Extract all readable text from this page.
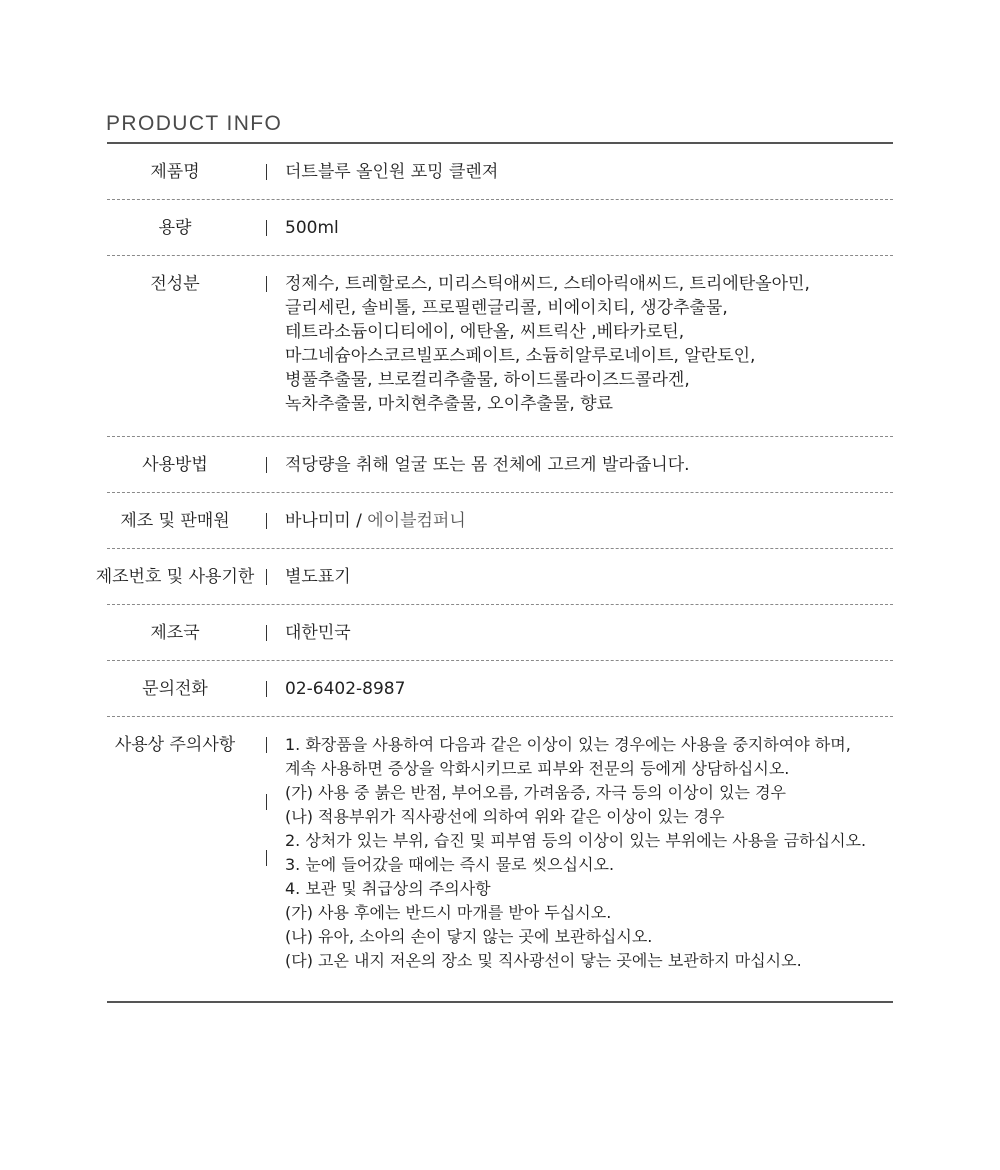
PRODUCT INFO
제품명	더트블루 올인원 포밍 클렌져
용량	500ml
전성분	정제수, 트레할로스, 미리스틱애씨드, 스테아릭애씨드, 트리에탄올아민,
글리세린, 솔비톨, 프로필렌글리콜, 비에이치티, 생강추출물,
테트라소듐이디티에이, 에탄올, 씨트릭산 ,베타카로틴,
마그네슘아스코르빌포스페이트, 소듐히알루로네이트, 알란토인,
병풀추출물, 브로컬리추출물, 하이드롤라이즈드콜라겐,
녹차추출물, 마치현추출물, 오이추출물, 향료
사용방법	적당량을 취해 얼굴 또는 몸 전체에 고르게 발라줍니다.
제조 및 판매원	바나미미 / 에이블컴퍼니
제조번호 및 사용기한	별도표기
제조국	대한민국
문의전화	02-6402-8987
사용상 주의사항	1. 화장품을 사용하여 다음과 같은 이상이 있는 경우에는 사용을 중지하여야 하며,
계속 사용하면 증상을 악화시키므로 피부와 전문의 등에게 상담하십시오.
(가) 사용 중 붉은 반점, 부어오름, 가려움증, 자극 등의 이상이 있는 경우
(나) 적용부위가 직사광선에 의하여 위와 같은 이상이 있는 경우
2. 상처가 있는 부위, 습진 및 피부염 등의 이상이 있는 부위에는 사용을 금하십시오.
3. 눈에 들어갔을 때에는 즉시 물로 씻으십시오.
4. 보관 및 취급상의 주의사항
(가) 사용 후에는 반드시 마개를 받아 두십시오.
(나) 유아, 소아의 손이 닿지 않는 곳에 보관하십시오.
(다) 고온 내지 저온의 장소 및 직사광선이 닿는 곳에는 보관하지 마십시오.
